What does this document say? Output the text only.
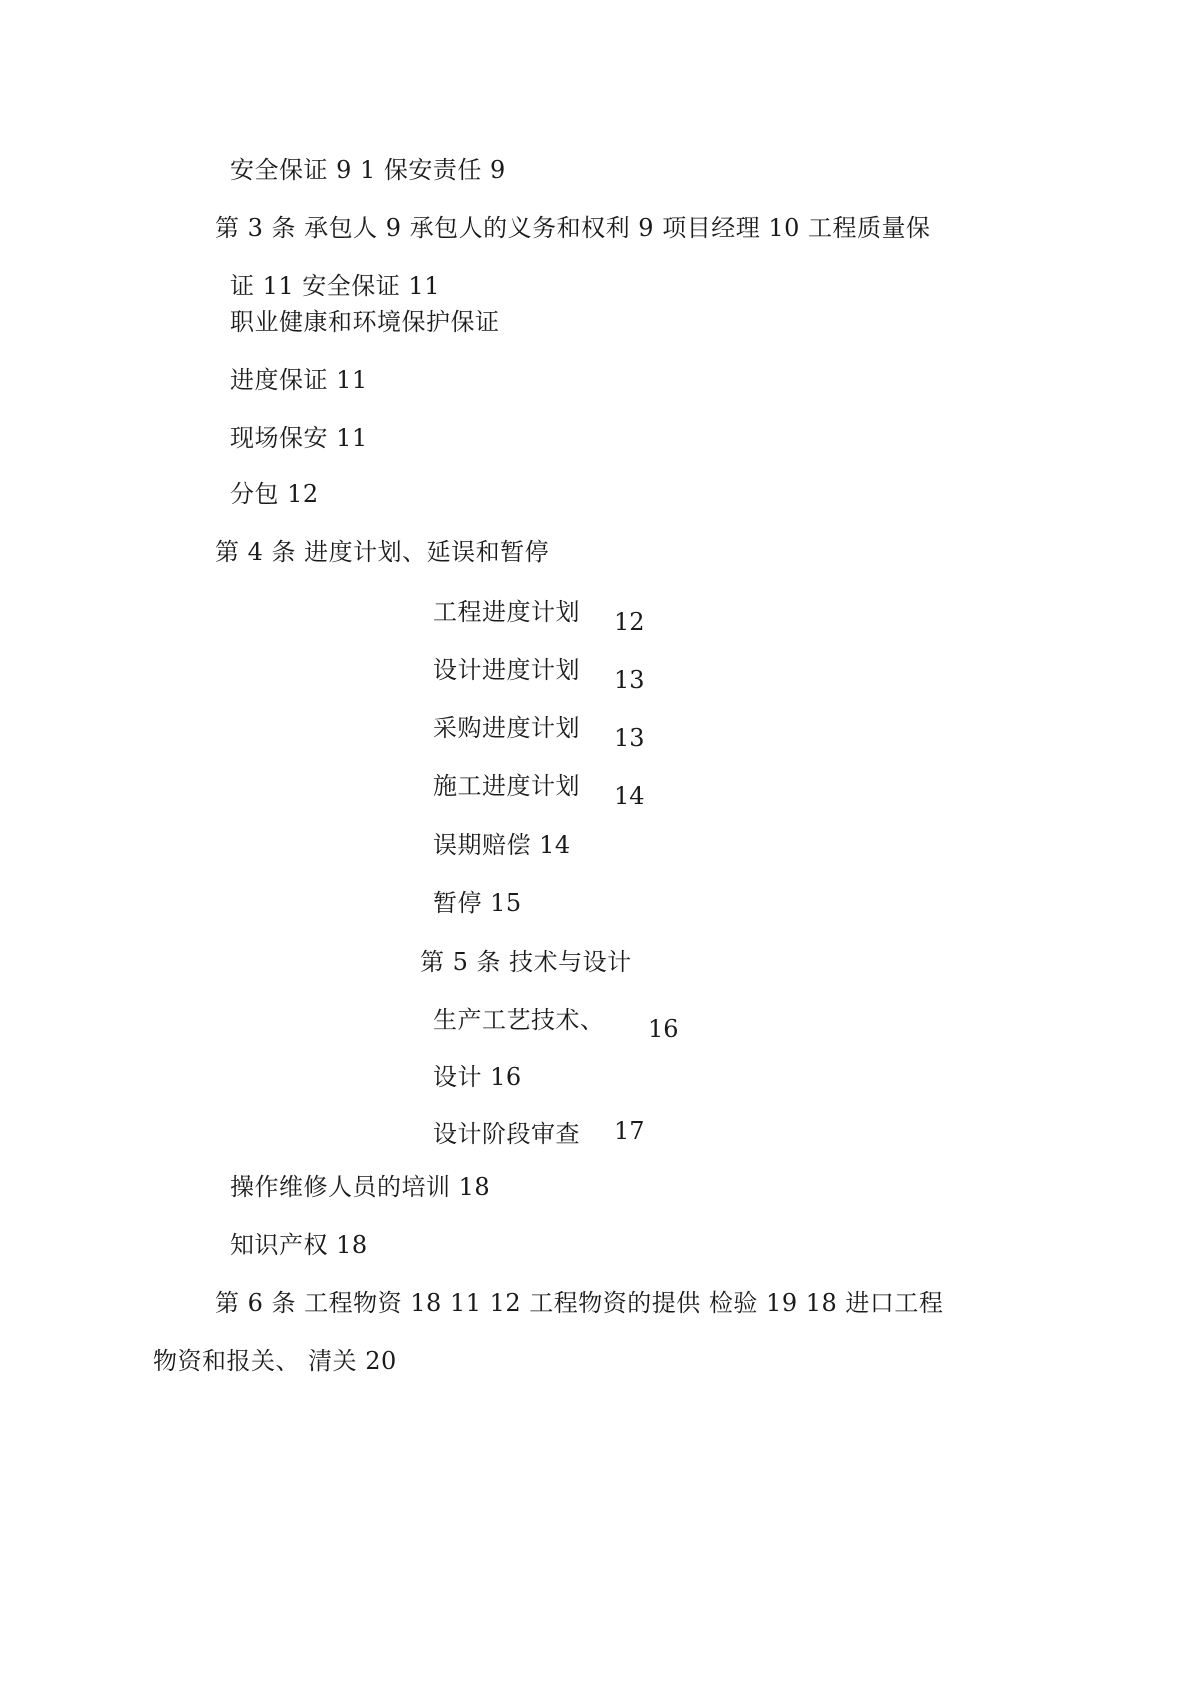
安全保证 9 1 保安责任 9
第 3 条 承包人 9 承包人的义务和权利 9 项目经理 10 工程质量保
证 11 安全保证 11
职业健康和环境保护保证
进度保证 11
现场保安 11
分包 12
第 4 条 进度计划、延误和暂停
工程进度计划 12
设计进度计划 13
采购进度计划 13
施工进度计划 14
误期赔偿 14
暂停 15
第 5 条 技术与设计
生产工艺技术、 16
设计 16
设计阶段审查 17
操作维修人员的培训 18
知识产权 18
第 6 条 工程物资 18 11 12 工程物资的提供 检验 19 18 进口工程
物资和报关、 清关 20
